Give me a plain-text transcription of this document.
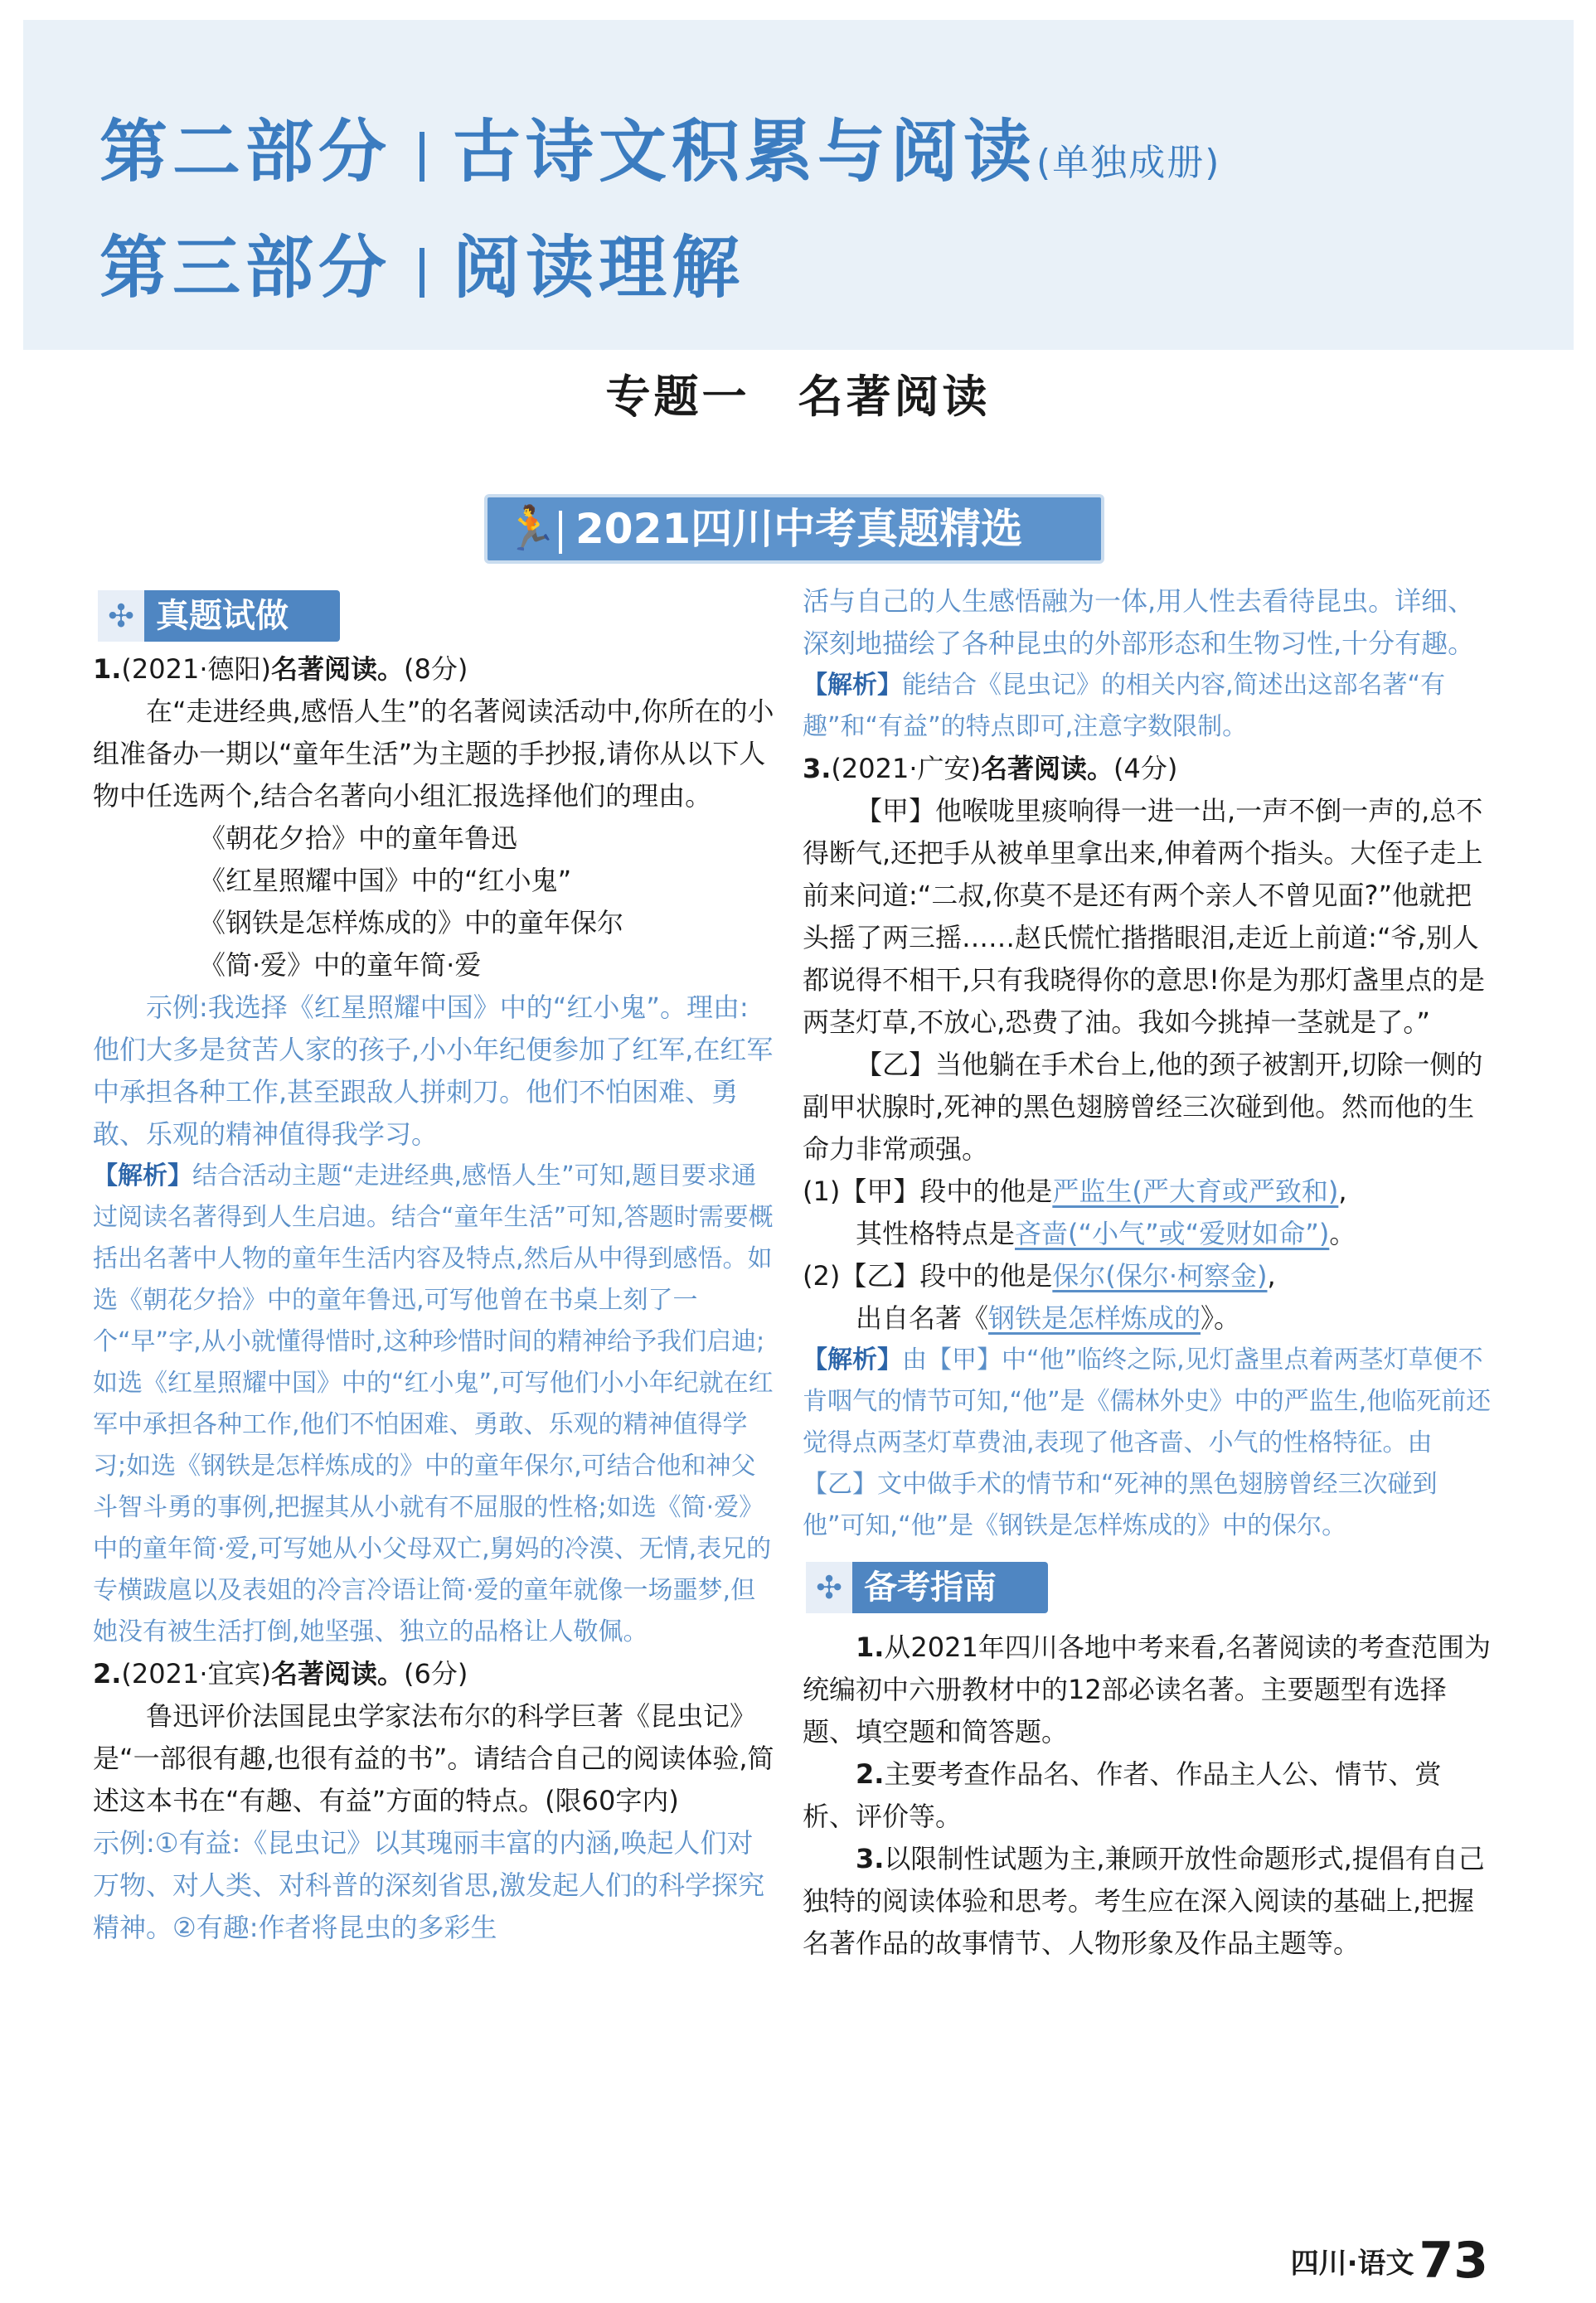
第二部分 古诗文积累与阅读(单独成册)
第三部分 阅读理解
专题一　名著阅读
🏃 2021四川中考真题精选
✣ 真题试做

1.(2021·德阳)名著阅读。(8分)

在“走进经典,感悟人生”的名著阅读活动中,你所在的小组准备办一期以“童年生活”为主题的手抄报,请你从以下人物中任选两个,结合名著向小组汇报选择他们的理由。

《朝花夕拾》中的童年鲁迅

《红星照耀中国》中的“红小鬼”

《钢铁是怎样炼成的》中的童年保尔

《简·爱》中的童年简·爱

示例:我选择《红星照耀中国》中的“红小鬼”。理由:他们大多是贫苦人家的孩子,小小年纪便参加了红军,在红军中承担各种工作,甚至跟敌人拼刺刀。他们不怕困难、勇敢、乐观的精神值得我学习。

【解析】结合活动主题“走进经典,感悟人生”可知,题目要求通过阅读名著得到人生启迪。结合“童年生活”可知,答题时需要概括出名著中人物的童年生活内容及特点,然后从中得到感悟。如选《朝花夕拾》中的童年鲁迅,可写他曾在书桌上刻了一个“早”字,从小就懂得惜时,这种珍惜时间的精神给予我们启迪;如选《红星照耀中国》中的“红小鬼”,可写他们小小年纪就在红军中承担各种工作,他们不怕困难、勇敢、乐观的精神值得学习;如选《钢铁是怎样炼成的》中的童年保尔,可结合他和神父斗智斗勇的事例,把握其从小就有不屈服的性格;如选《简·爱》中的童年简·爱,可写她从小父母双亡,舅妈的冷漠、无情,表兄的专横跋扈以及表姐的冷言冷语让简·爱的童年就像一场噩梦,但她没有被生活打倒,她坚强、独立的品格让人敬佩。

2.(2021·宜宾)名著阅读。(6分)

鲁迅评价法国昆虫学家法布尔的科学巨著《昆虫记》是“一部很有趣,也很有益的书”。请结合自己的阅读体验,简述这本书在“有趣、有益”方面的特点。(限60字内)

示例:①有益:《昆虫记》以其瑰丽丰富的内涵,唤起人们对万物、对人类、对科普的深刻省思,激发起人们的科学探究精神。②有趣:作者将昆虫的多彩生

活与自己的人生感悟融为一体,用人性去看待昆虫。详细、深刻地描绘了各种昆虫的外部形态和生物习性,十分有趣。

【解析】能结合《昆虫记》的相关内容,简述出这部名著“有趣”和“有益”的特点即可,注意字数限制。

3.(2021·广安)名著阅读。(4分)

【甲】他喉咙里痰响得一进一出,一声不倒一声的,总不得断气,还把手从被单里拿出来,伸着两个指头。大侄子走上前来问道:“二叔,你莫不是还有两个亲人不曾见面?”他就把头摇了两三摇……赵氏慌忙揩揩眼泪,走近上前道:“爷,别人都说得不相干,只有我晓得你的意思!你是为那灯盏里点的是两茎灯草,不放心,恐费了油。我如今挑掉一茎就是了。”

【乙】当他躺在手术台上,他的颈子被割开,切除一侧的副甲状腺时,死神的黑色翅膀曾经三次碰到他。然而他的生命力非常顽强。

(1)【甲】段中的他是严监生(严大育或严致和),

其性格特点是吝啬(“小气”或“爱财如命”)。

(2)【乙】段中的他是保尔(保尔·柯察金),

出自名著《钢铁是怎样炼成的》。

【解析】由【甲】中“他”临终之际,见灯盏里点着两茎灯草便不肯咽气的情节可知,“他”是《儒林外史》中的严监生,他临死前还觉得点两茎灯草费油,表现了他吝啬、小气的性格特征。由【乙】文中做手术的情节和“死神的黑色翅膀曾经三次碰到他”可知,“他”是《钢铁是怎样炼成的》中的保尔。

✣ 备考指南

1.从2021年四川各地中考来看,名著阅读的考查范围为统编初中六册教材中的12部必读名著。主要题型有选择题、填空题和简答题。

2.主要考查作品名、作者、作品主人公、情节、赏析、评价等。

3.以限制性试题为主,兼顾开放性命题形式,提倡有自己独特的阅读体验和思考。考生应在深入阅读的基础上,把握名著作品的故事情节、人物形象及作品主题等。

四川·语文 73
